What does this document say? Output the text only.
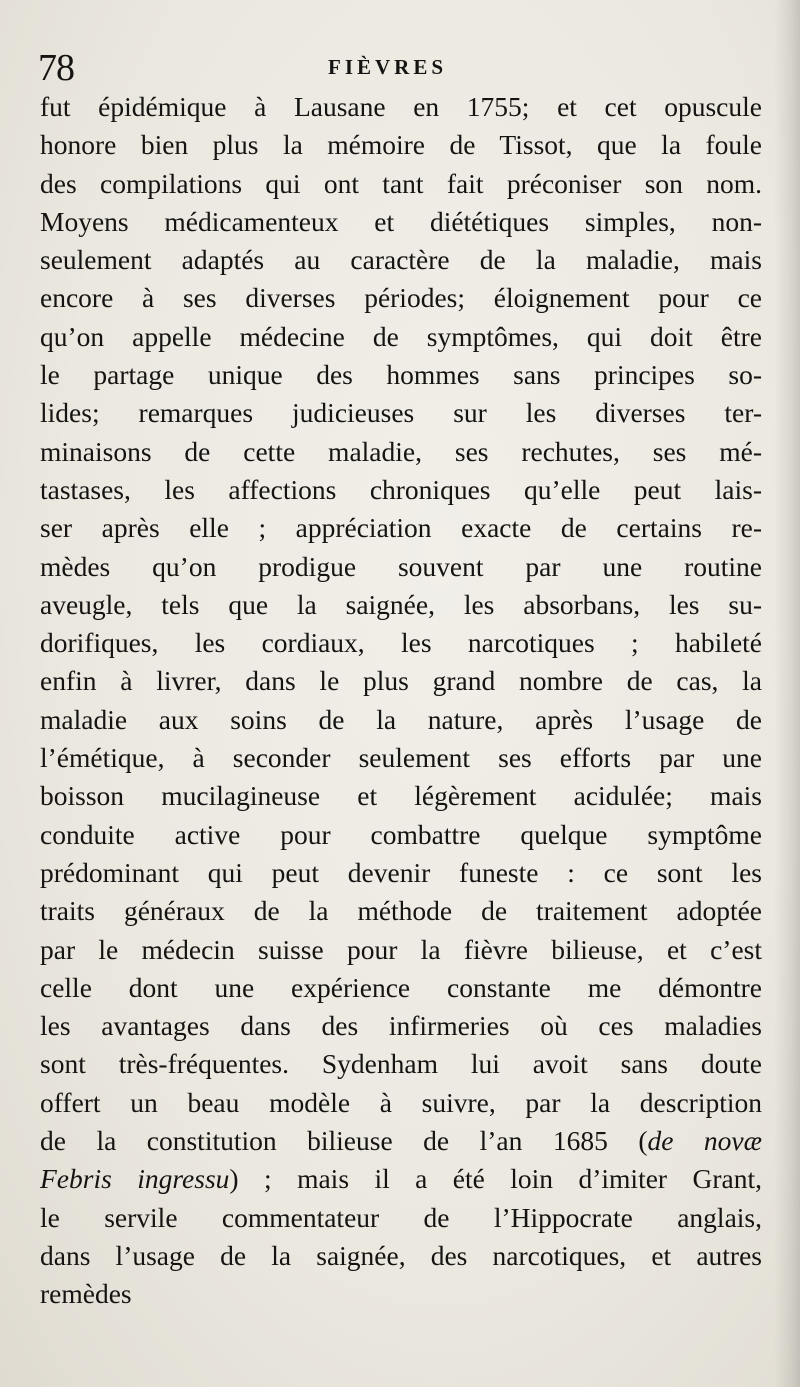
78	FIÈVRES
fut épidémique à Lausane en 1755; et cet opuscule
honore bien plus la mémoire de Tissot, que la foule
des compilations qui ont tant fait préconiser son nom.
Moyens médicamenteux et diététiques simples, non-
seulement adaptés au caractère de la maladie, mais
encore à ses diverses périodes; éloignement pour ce
qu’on appelle médecine de symptômes, qui doit être
le partage unique des hommes sans principes so-
lides; remarques judicieuses sur les diverses ter-
minaisons de cette maladie, ses rechutes, ses mé-
tastases, les affections chroniques qu’elle peut lais-
ser après elle ; appréciation exacte de certains re-
mèdes qu’on prodigue souvent par une routine
aveugle, tels que la saignée, les absorbans, les su-
dorifiques, les cordiaux, les narcotiques ; habileté
enfin à livrer, dans le plus grand nombre de cas, la
maladie aux soins de la nature, après l’usage de
l’émétique, à seconder seulement ses efforts par une
boisson mucilagineuse et légèrement acidulée; mais
conduite active pour combattre quelque symptôme
prédominant qui peut devenir funeste : ce sont les
traits généraux de la méthode de traitement adoptée
par le médecin suisse pour la fièvre bilieuse, et c’est
celle dont une expérience constante me démontre
les avantages dans des infirmeries où ces maladies
sont très-fréquentes. Sydenham lui avoit sans doute
offert un beau modèle à suivre, par la description
de la constitution bilieuse de l’an 1685 (de novæ
Febris ingressu) ; mais il a été loin d’imiter Grant,
le servile commentateur de l’Hippocrate anglais,
dans l’usage de la saignée, des narcotiques, et autres
remèdes
